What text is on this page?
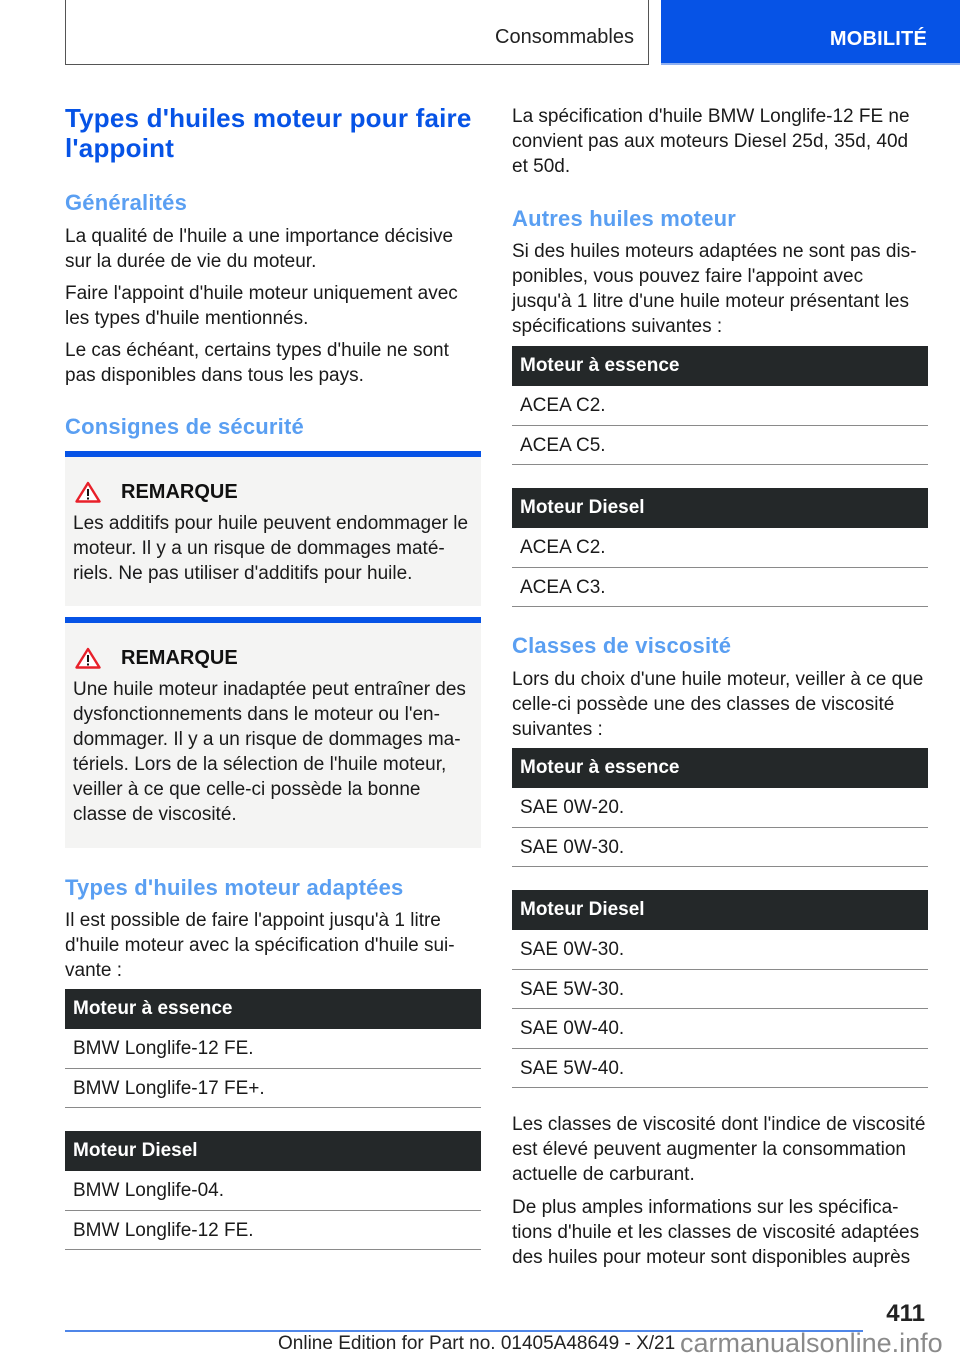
Consommables	MOBILITÉ
Types d'huiles moteur pour faire
l'appoint
Généralités
La qualité de l'huile a une importance décisive sur la durée de vie du moteur.
Faire l'appoint d'huile moteur uniquement avec les types d'huile mentionnés.
Le cas échéant, certains types d'huile ne sont pas disponibles dans tous les pays.
Consignes de sécurité
REMARQUE
Les additifs pour huile peuvent endommager le moteur. Il y a un risque de dommages matériels. Ne pas utiliser d'additifs pour huile.
REMARQUE
Une huile moteur inadaptée peut entraîner des dysfonctionnements dans le moteur ou l'endommager. Il y a un risque de dommages matériels. Lors de la sélection de l'huile moteur, veiller à ce que celle-ci possède la bonne classe de viscosité.
Types d'huiles moteur adaptées
Il est possible de faire l'appoint jusqu'à 1 litre d'huile moteur avec la spécification d'huile suivante :
Moteur à essence
BMW Longlife-12 FE.
BMW Longlife-17 FE+.
Moteur Diesel
BMW Longlife-04.
BMW Longlife-12 FE.
La spécification d'huile BMW Longlife-12 FE ne convient pas aux moteurs Diesel 25d, 35d, 40d et 50d.
Autres huiles moteur
Si des huiles moteurs adaptées ne sont pas disponibles, vous pouvez faire l'appoint avec jusqu'à 1 litre d'une huile moteur présentant les spécifications suivantes :
Moteur à essence
ACEA C2.
ACEA C5.
Moteur Diesel
ACEA C2.
ACEA C3.
Classes de viscosité
Lors du choix d'une huile moteur, veiller à ce que celle-ci possède une des classes de viscosité suivantes :
Moteur à essence
SAE 0W-20.
SAE 0W-30.
Moteur Diesel
SAE 0W-30.
SAE 5W-30.
SAE 0W-40.
SAE 5W-40.
Les classes de viscosité dont l'indice de viscosité est élevé peuvent augmenter la consommation actuelle de carburant.
De plus amples informations sur les spécifications d'huile et les classes de viscosité adaptées des huiles pour moteur sont disponibles auprès
411
Online Edition for Part no. 01405A48649 - X/21 carmanualsonline.info
